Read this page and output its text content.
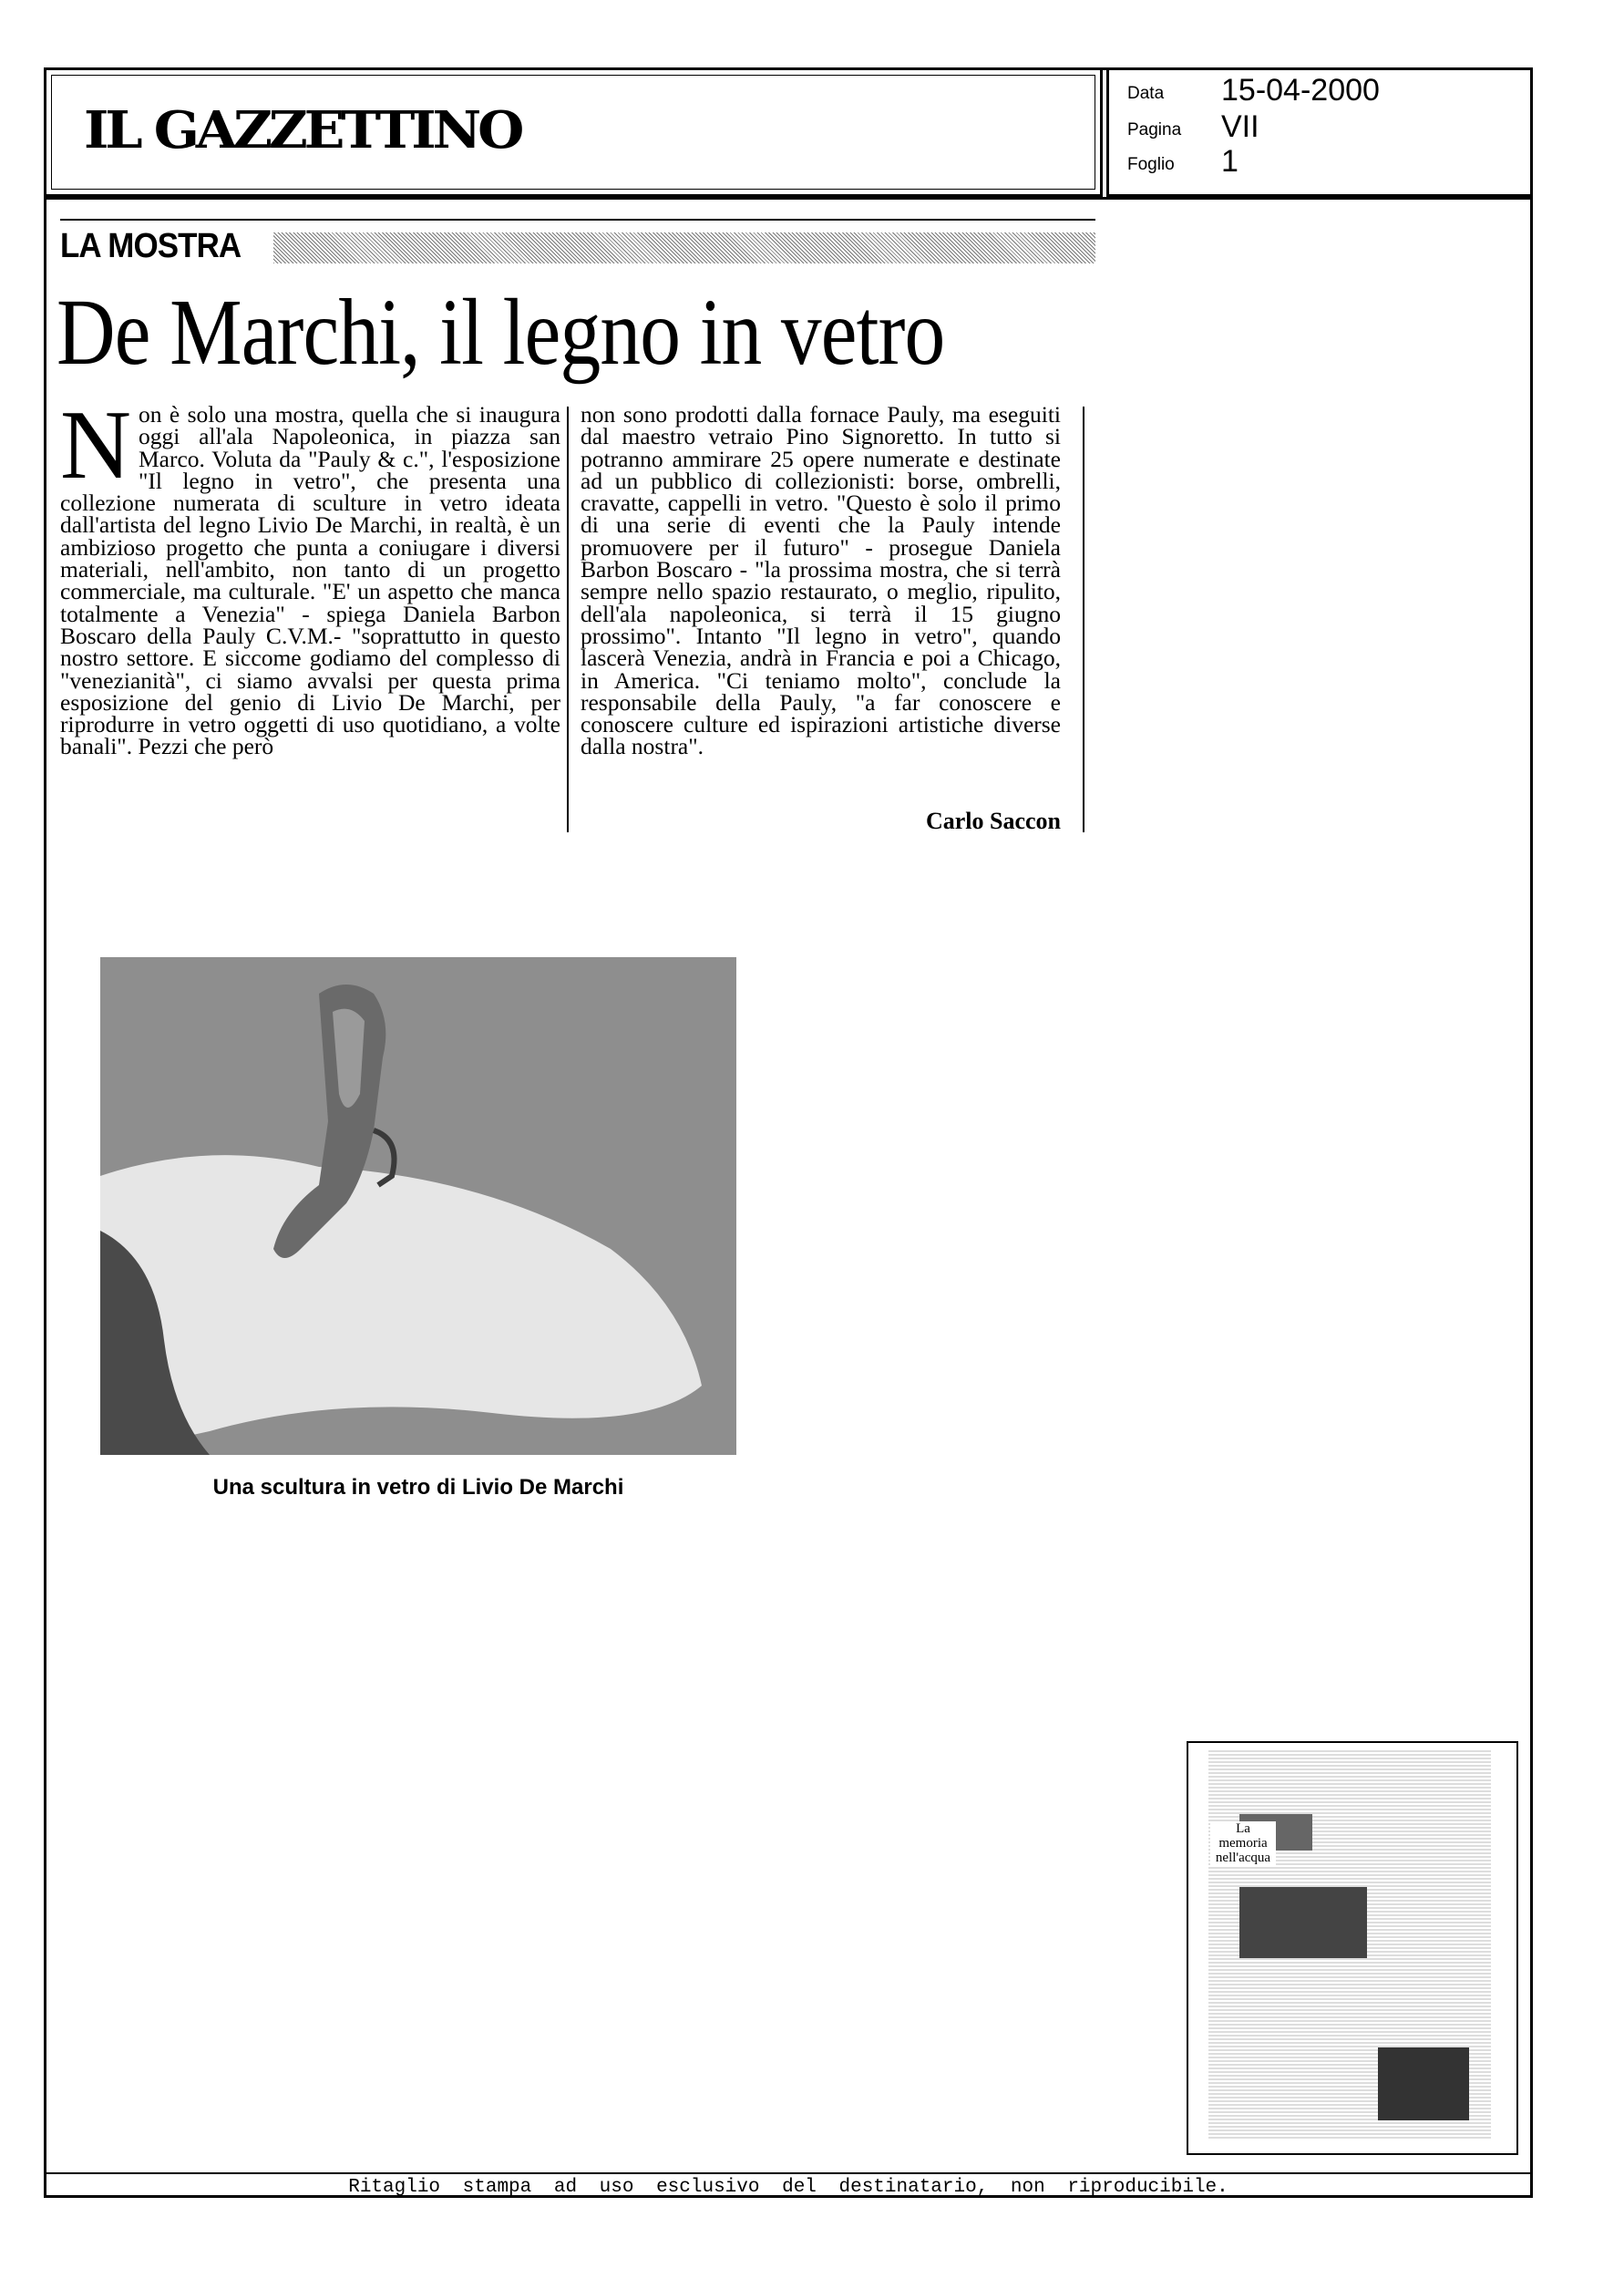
IL GAZZETTINO
Data 15-04-2000
Pagina VII
Foglio 1
LA MOSTRA
De Marchi, il legno in vetro
N on è solo una mostra, quella che si inaugura oggi all'ala Napoleonica, in piazza san Marco. Voluta da "Pauly & c.", l'esposizione "Il legno in vetro", che presenta una collezione numerata di sculture in vetro ideata dall'artista del legno Livio De Marchi, in realtà, è un ambizioso progetto che punta a coniugare i diversi materiali, nell'ambito, non tanto di un progetto commerciale, ma culturale. "E' un aspetto che manca totalmente a Venezia" - spiega Daniela Barbon Boscaro della Pauly C.V.M.- "soprattutto in questo nostro settore. E siccome godiamo del complesso di "venezianità", ci siamo avvalsi per questa prima esposizione del genio di Livio De Marchi, per riprodurre in vetro oggetti di uso quotidiano, a volte banali". Pezzi che però
non sono prodotti dalla fornace Pauly, ma eseguiti dal maestro vetraio Pino Signoretto. In tutto si potranno ammirare 25 opere numerate e destinate ad un pubblico di collezionisti: borse, ombrelli, cravatte, cappelli in vetro. "Questo è solo il primo di una serie di eventi che la Pauly intende promuovere per il futuro" - prosegue Daniela Barbon Boscaro - "la prossima mostra, che si terrà sempre nello spazio restaurato, o meglio, ripulito, dell'ala napoleonica, si terrà il 15 giugno prossimo". Intanto "Il legno in vetro", quando lascerà Venezia, andrà in Francia e poi a Chicago, in America. "Ci teniamo molto", conclude la responsabile della Pauly, "a far conoscere e conoscere culture ed ispirazioni artistiche diverse dalla nostra".
Carlo Saccon
Una scultura in vetro di Livio De Marchi
La memoria nell'acqua
Ritaglio stampa ad uso esclusivo del destinatario, non riproducibile.
